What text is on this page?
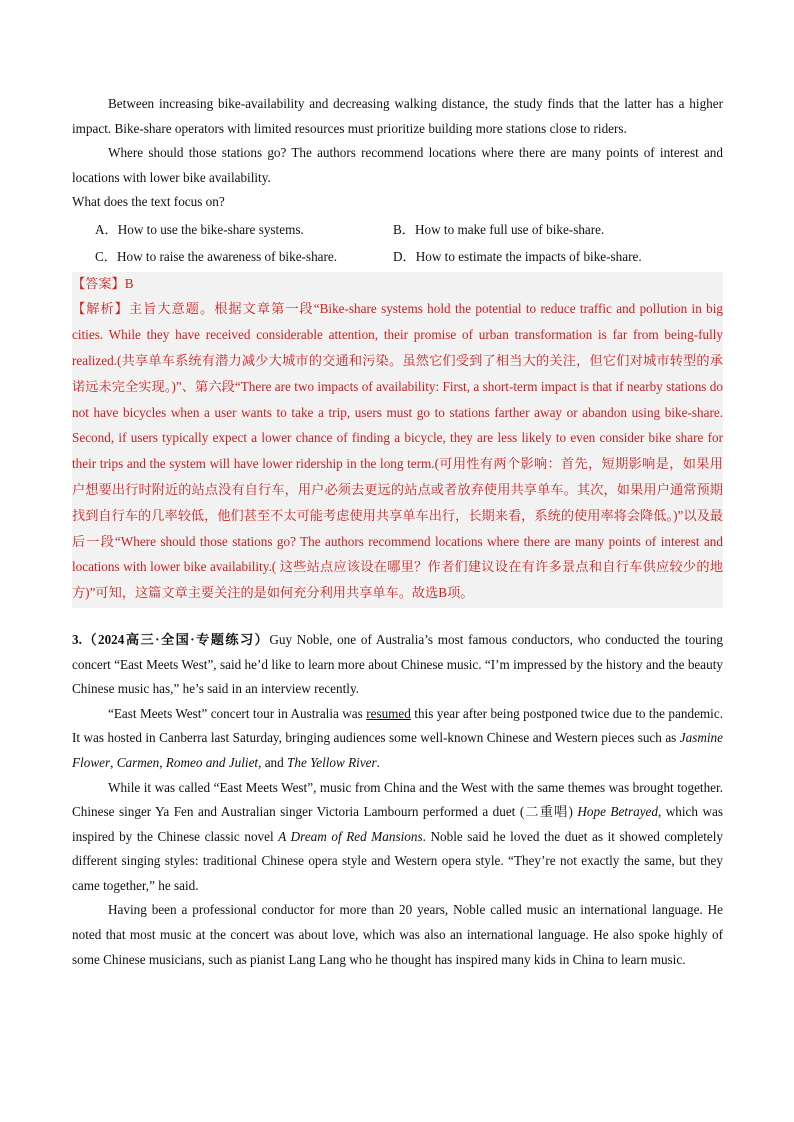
Between increasing bike-availability and decreasing walking distance, the study finds that the latter has a higher impact. Bike-share operators with limited resources must prioritize building more stations close to riders.

Where should those stations go? The authors recommend locations where there are many points of interest and locations with lower bike availability.

What does the text focus on?

A．How to use the bike-share systems.	B．How to make full use of bike-share.
C．How to raise the awareness of bike-share.	D．How to estimate the impacts of bike-share.

【答案】B

【解析】主旨大意题。根据文章第一段“Bike-share systems hold the potential to reduce traffic and pollution in big cities. While they have received considerable attention, their promise of urban transformation is far from being-fully realized.(共享单车系统有潜力减少大城市的交通和污染。虽然它们受到了相当大的关注，但它们对城市转型的承诺远未完全实现。)”、第六段“There are two impacts of availability: First, a short-term impact is that if nearby stations do not have bicycles when a user wants to take a trip, users must go to stations farther away or abandon using bike-share. Second, if users typically expect a lower chance of finding a bicycle, they are less likely to even consider bike share for their trips and the system will have lower ridership in the long term.(可用性有两个影响：首先，短期影响是，如果用户想要出行时附近的站点没有自行车，用户必须去更远的站点或者放弃使用共享单车。其次，如果用户通常预期找到自行车的几率较低，他们甚至不太可能考虑使用共享单车出行，长期来看，系统的使用率将会降低。)”以及最后一段“Where should those stations go? The authors recommend locations where there are many points of interest and locations with lower bike availability.( 这些站点应该设在哪里？作者们建议设在有许多景点和自行车供应较少的地方)”可知，这篇文章主要关注的是如何充分利用共享单车。故选B项。

3.（2024高三·全国·专题练习）Guy Noble, one of Australia’s most famous conductors, who conducted the touring concert “East Meets West”, said he’d like to learn more about Chinese music. “I’m impressed by the history and the beauty Chinese music has,” he’s said in an interview recently.

“East Meets West” concert tour in Australia was resumed this year after being postponed twice due to the pandemic. It was hosted in Canberra last Saturday, bringing audiences some well-known Chinese and Western pieces such as Jasmine Flower, Carmen, Romeo and Juliet, and The Yellow River.

While it was called “East Meets West”, music from China and the West with the same themes was brought together. Chinese singer Ya Fen and Australian singer Victoria Lambourn performed a duet (二重唱) Hope Betrayed, which was inspired by the Chinese classic novel A Dream of Red Mansions. Noble said he loved the duet as it showed completely different singing styles: traditional Chinese opera style and Western opera style. “They’re not exactly the same, but they came together,” he said.

Having been a professional conductor for more than 20 years, Noble called music an international language. He noted that most music at the concert was about love, which was also an international language. He also spoke highly of some Chinese musicians, such as pianist Lang Lang who he thought has inspired many kids in China to learn music.
